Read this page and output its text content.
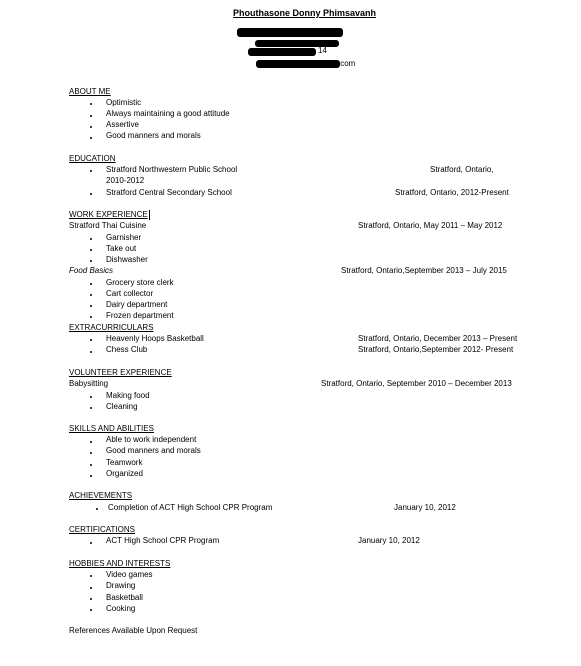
Phouthasone Donny Phimsavanh
14
.com
ABOUT ME
Optimistic
Always maintaining a good attitude
Assertive
Good manners and morals
EDUCATION
Stratford Northwestern Public School	Stratford, Ontario,
2010-2012
Stratford Central Secondary School	Stratford, Ontario, 2012-Present
WORK EXPERIENCE
Stratford Thai Cuisine	Stratford, Ontario, May 2011 – May 2012
Garnisher
Take out
Dishwasher
Food Basics	Stratford, Ontario,September 2013 – July 2015
Grocery store clerk
Cart collector
Dairy department
Frozen department
EXTRACURRICULARS
Heavenly Hoops Basketball	Stratford, Ontario, December 2013 – Present
Chess Club	Stratford, Ontario,September 2012- Present
VOLUNTEER EXPERIENCE
Babysitting	Stratford, Ontario, September 2010 – December 2013
Making food
Cleaning
SKILLS AND ABILITIES
Able to work independent
Good manners and morals
Teamwork
Organized
ACHIEVEMENTS
Completion of ACT High School CPR Program	January 10, 2012
CERTIFICATIONS
ACT High School CPR Program	January 10, 2012
HOBBIES AND INTERESTS
Video games
Drawing
Basketball
Cooking
References Available Upon Request
